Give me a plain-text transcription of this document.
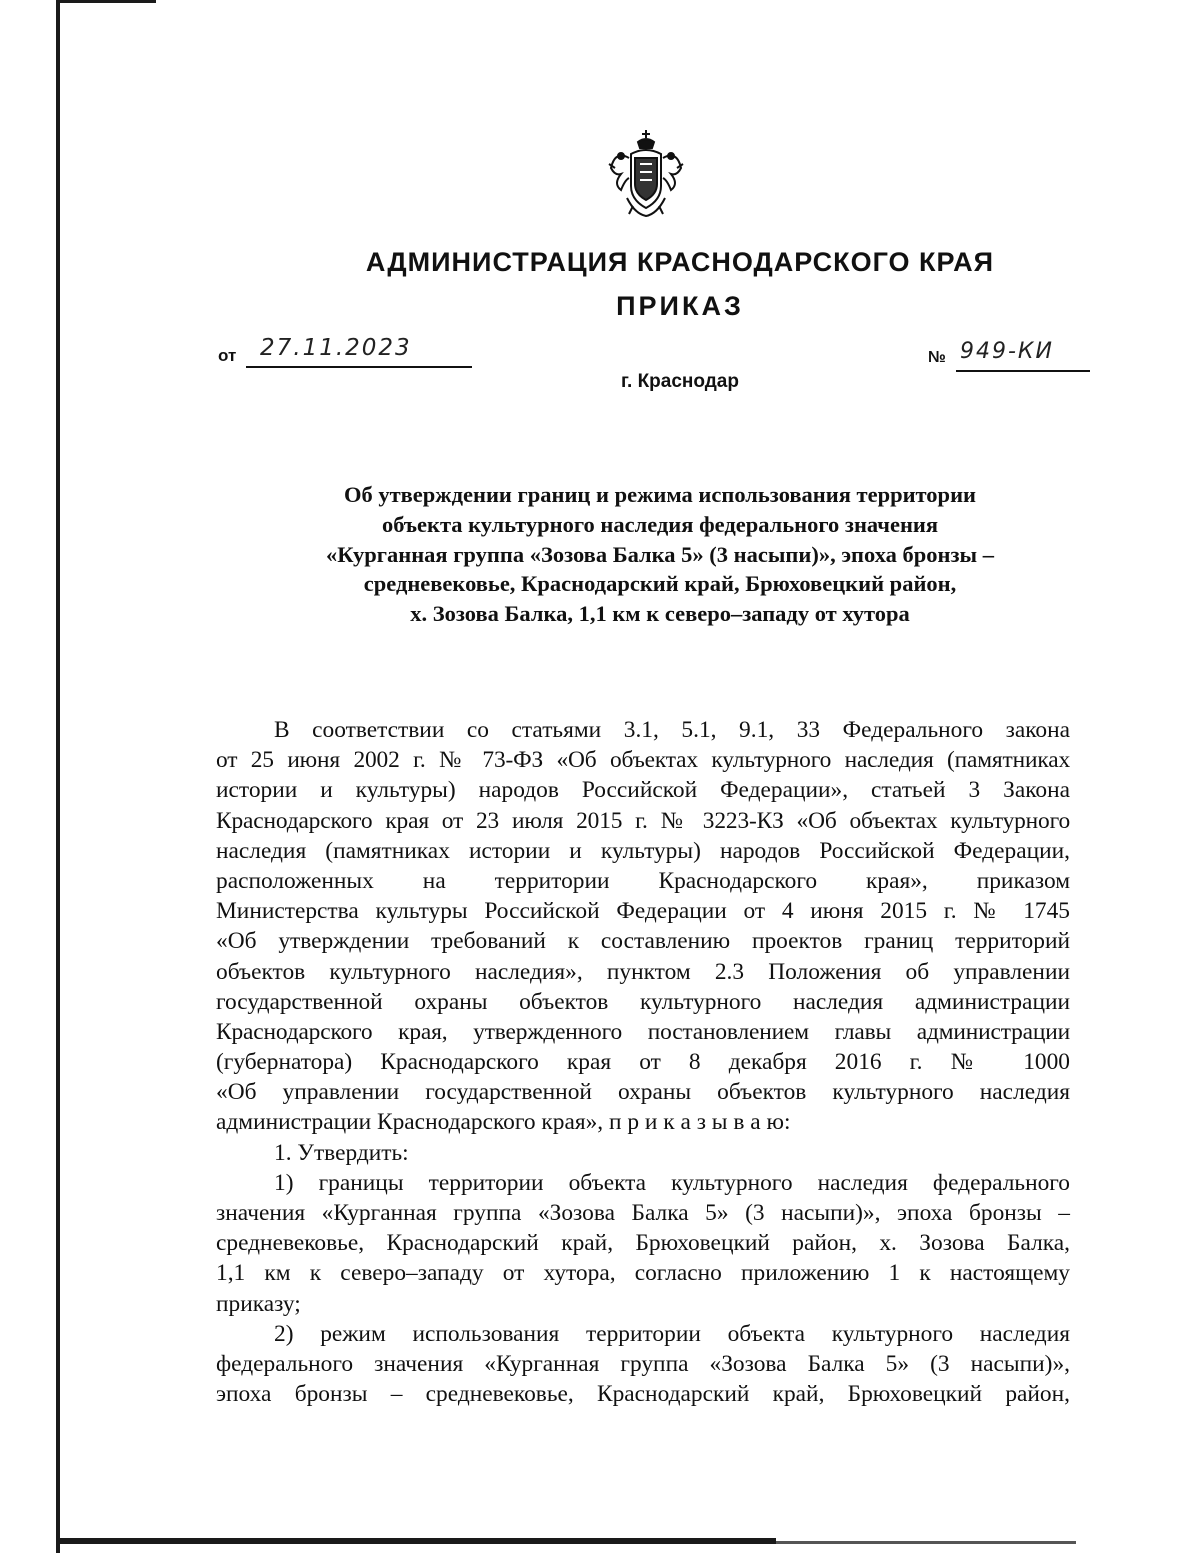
АДМИНИСТРАЦИЯ КРАСНОДАРСКОГО КРАЯ
ПРИКАЗ
от	27.11.2023	№ 949-КИ
г. Краснодар
Об утверждении границ и режима использования территории
объекта культурного наследия федерального значения
«Курганная группа «Зозова Балка 5» (3 насыпи)», эпоха бронзы –
средневековье, Краснодарский край, Брюховецкий район,
х. Зозова Балка, 1,1 км к северо–западу от хутора
В соответствии со статьями 3.1, 5.1, 9.1, 33 Федерального закона
от 25 июня 2002 г. № 73-ФЗ «Об объектах культурного наследия (памятниках
истории и культуры) народов Российской Федерации», статьей 3 Закона
Краснодарского края от 23 июля 2015 г. № 3223-КЗ «Об объектах культурного
наследия (памятниках истории и культуры) народов Российской Федерации,
расположенных на территории Краснодарского края», приказом
Министерства культуры Российской Федерации от 4 июня 2015 г. № 1745
«Об утверждении требований к составлению проектов границ территорий
объектов культурного наследия», пунктом 2.3 Положения об управлении
государственной охраны объектов культурного наследия администрации
Краснодарского края, утвержденного постановлением главы администрации
(губернатора) Краснодарского края от 8 декабря 2016 г. № 1000
«Об управлении государственной охраны объектов культурного наследия
администрации Краснодарского края», п р и к а з ы в а ю:
1. Утвердить:
1) границы территории объекта культурного наследия федерального
значения «Курганная группа «Зозова Балка 5» (3 насыпи)», эпоха бронзы –
средневековье, Краснодарский край, Брюховецкий район, х. Зозова Балка,
1,1 км к северо–западу от хутора, согласно приложению 1 к настоящему
приказу;
2) режим использования территории объекта культурного наследия
федерального значения «Курганная группа «Зозова Балка 5» (3 насыпи)»,
эпоха бронзы – средневековье, Краснодарский край, Брюховецкий район,
